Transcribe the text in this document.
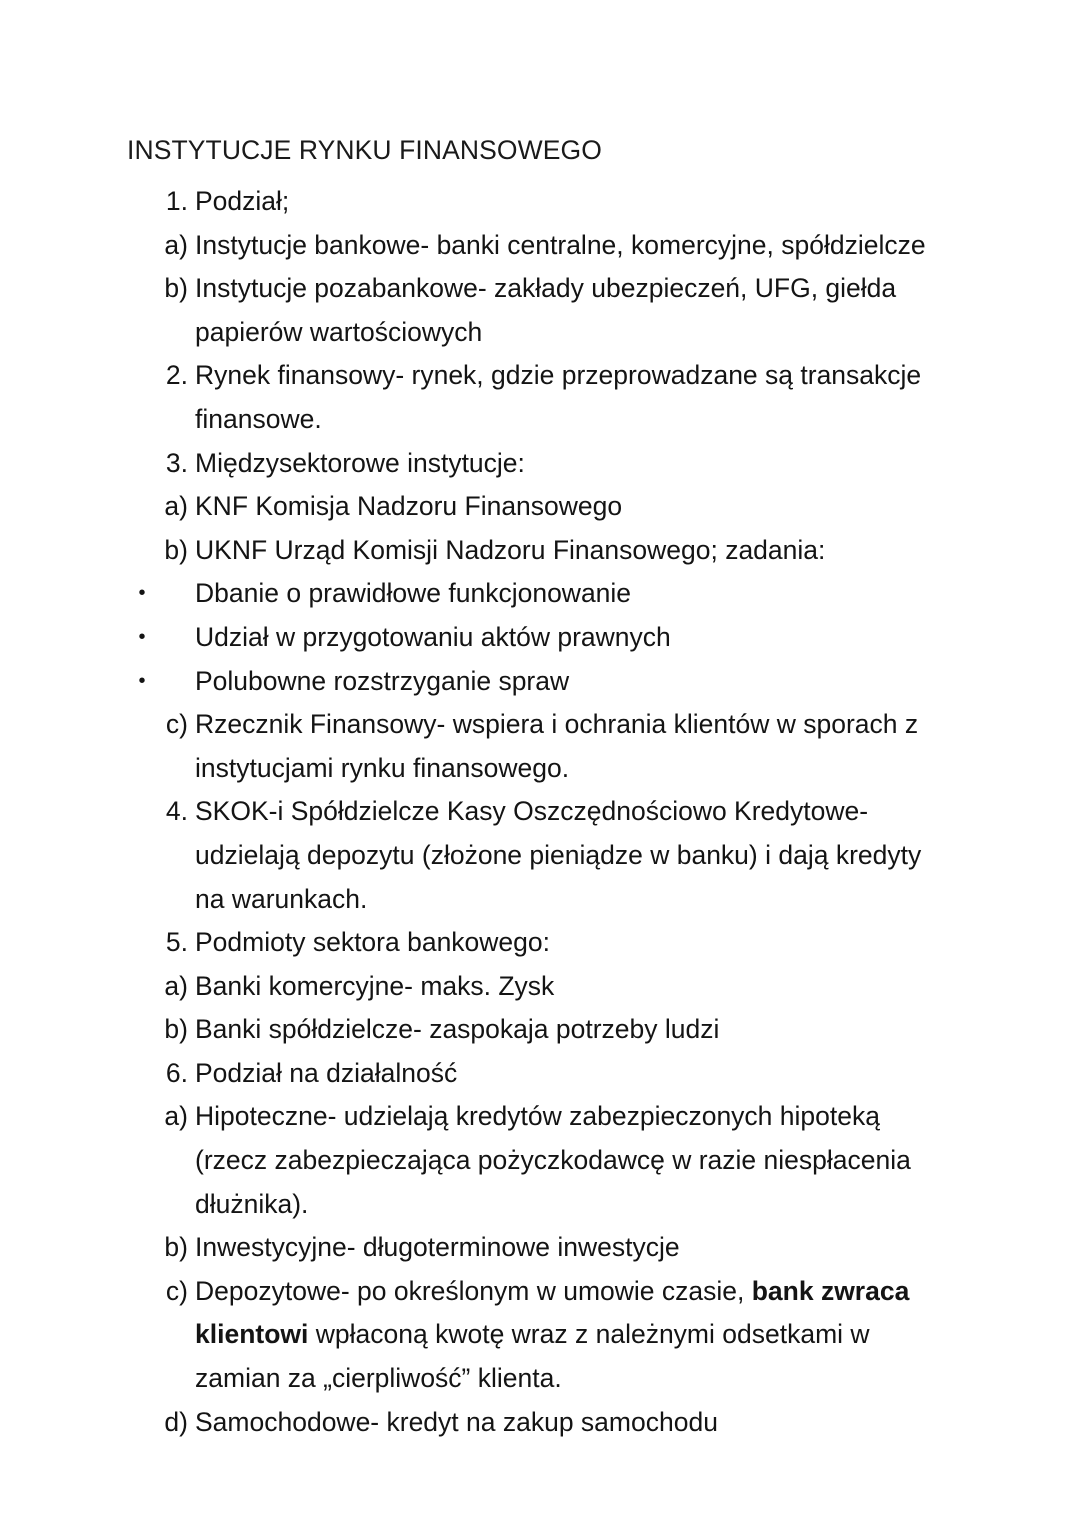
INSTYTUCJE RYNKU FINANSOWEGO
1. Podział;
a) Instytucje bankowe- banki centralne, komercyjne, spółdzielcze
b) Instytucje pozabankowe- zakłady ubezpieczeń, UFG, giełda
papierów wartościowych
2. Rynek finansowy- rynek, gdzie przeprowadzane są transakcje
finansowe.
3. Międzysektorowe instytucje:
a) KNF Komisja Nadzoru Finansowego
b) UKNF Urząd Komisji Nadzoru Finansowego; zadania:
•	Dbanie o prawidłowe funkcjonowanie
•	Udział w przygotowaniu aktów prawnych
•	Polubowne rozstrzyganie spraw
c) Rzecznik Finansowy- wspiera i ochrania klientów w sporach z
instytucjami rynku finansowego.
4. SKOK-i Spółdzielcze Kasy Oszczędnościowo Kredytowe-
udzielają depozytu (złożone pieniądze w banku) i dają kredyty
na warunkach.
5. Podmioty sektora bankowego:
a) Banki komercyjne- maks. Zysk
b) Banki spółdzielcze- zaspokaja potrzeby ludzi
6. Podział na działalność
a) Hipoteczne- udzielają kredytów zabezpieczonych hipoteką
(rzecz zabezpieczająca pożyczkodawcę w razie niespłacenia
dłużnika).
b) Inwestycyjne- długoterminowe inwestycje
c) Depozytowe- po określonym w umowie czasie, bank zwraca
klientowi wpłaconą kwotę wraz z należnymi odsetkami w
zamian za „cierpliwość” klienta.
d) Samochodowe- kredyt na zakup samochodu
